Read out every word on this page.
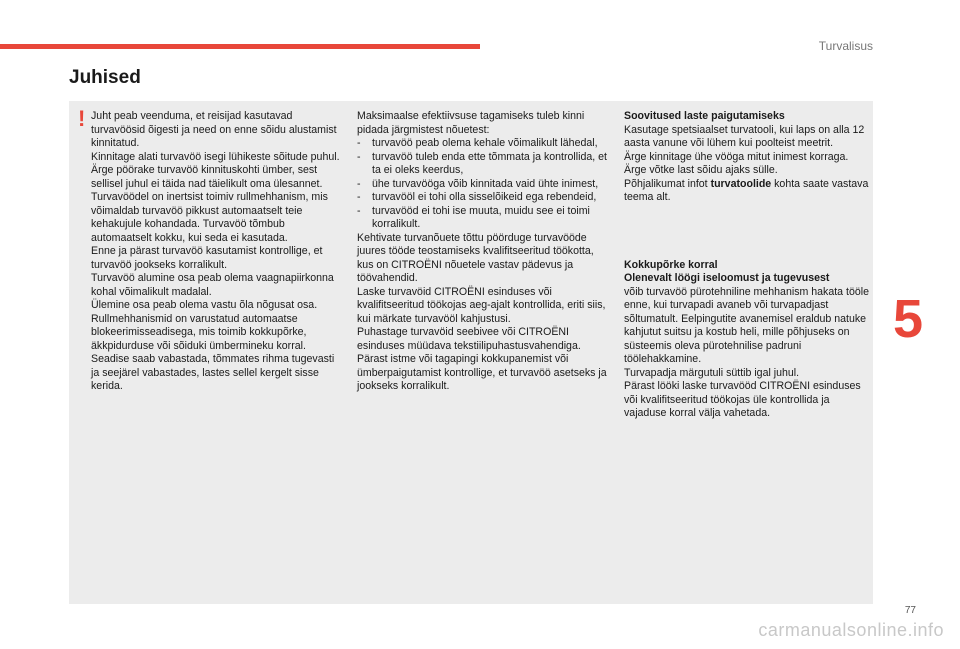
Turvalisus
Juhised
! Juht peab veenduma, et reisijad kasutavad turvavöösid õigesti ja need on enne sõidu alustamist kinnitatud.

Kinnitage alati turvavöö isegi lühikeste sõitude puhul.

Ärge pöörake turvavöö kinnituskohti ümber, sest sellisel juhul ei täida nad täielikult oma ülesannet.

Turvavöödel on inertsist toimiv rullmehhanism, mis võimaldab turvavöö pikkust automaatselt teie kehakujule kohandada. Turvavöö tõmbub automaatselt kokku, kui seda ei kasutada.

Enne ja pärast turvavöö kasutamist kontrollige, et turvavöö jookseks korralikult.

Turvavöö alumine osa peab olema vaagnapiirkonna kohal võimalikult madalal.

Ülemine osa peab olema vastu õla nõgusat osa.

Rullmehhanismid on varustatud automaatse blokeerimisseadisega, mis toimib kokkupõrke, äkkpidurduse või sõiduki ümbermineku korral. Seadise saab vabastada, tõmmates rihma tugevasti ja seejärel vabastades, lastes sellel kergelt sisse kerida.

Maksimaalse efektiivsuse tagamiseks tuleb kinni pidada järgmistest nõuetest:

- turvavöö peab olema kehale võimalikult lähedal,
- turvavöö tuleb enda ette tõmmata ja kontrollida, et ta ei oleks keerdus,
- ühe turvavööga võib kinnitada vaid ühte inimest,
- turvavööl ei tohi olla sisselõikeid ega rebendeid,
- turvavööd ei tohi ise muuta, muidu see ei toimi korralikult.

Kehtivate turvanõuete tõttu pöörduge turvavööde juures tööde teostamiseks kvalifitseeritud töökotta, kus on CITROËNI nõuetele vastav pädevus ja töövahendid.

Laske turvavöid CITROËNI esinduses või kvalifitseeritud töökojas aeg-ajalt kontrollida, eriti siis, kui märkate turvavööl kahjustusi.

Puhastage turvavöid seebivee või CITROËNI esinduses müüdava tekstiilipuhastusvahendiga.

Pärast istme või tagapingi kokkupanemist või ümberpaigutamist kontrollige, et turvavöö asetseks ja jookseks korralikult.

Soovitused laste paigutamiseks

Kasutage spetsiaalset turvatooli, kui laps on alla 12 aasta vanune või lühem kui poolteist meetrit.

Ärge kinnitage ühe vööga mitut inimest korraga.

Ärge võtke last sõidu ajaks sülle.

Põhjalikumat infot turvatoolide kohta saate vastava teema alt.

Kokkupõrke korral

Olenevalt löögi iseloomust ja tugevusest

võib turvavöö pürotehniline mehhanism hakata tööle enne, kui turvapadi avaneb või turvapadjast sõltumatult. Eelpingutite avanemisel eraldub natuke kahjutut suitsu ja kostub heli, mille põhjuseks on süsteemis oleva pürotehnilise padruni töölehakkamine.

Turvapadja märgutuli süttib igal juhul.

Pärast lööki laske turvavööd CITROËNI esinduses või kvalifitseeritud töökojas üle kontrollida ja vajaduse korral välja vahetada.

5
77
carmanualsonline.info
